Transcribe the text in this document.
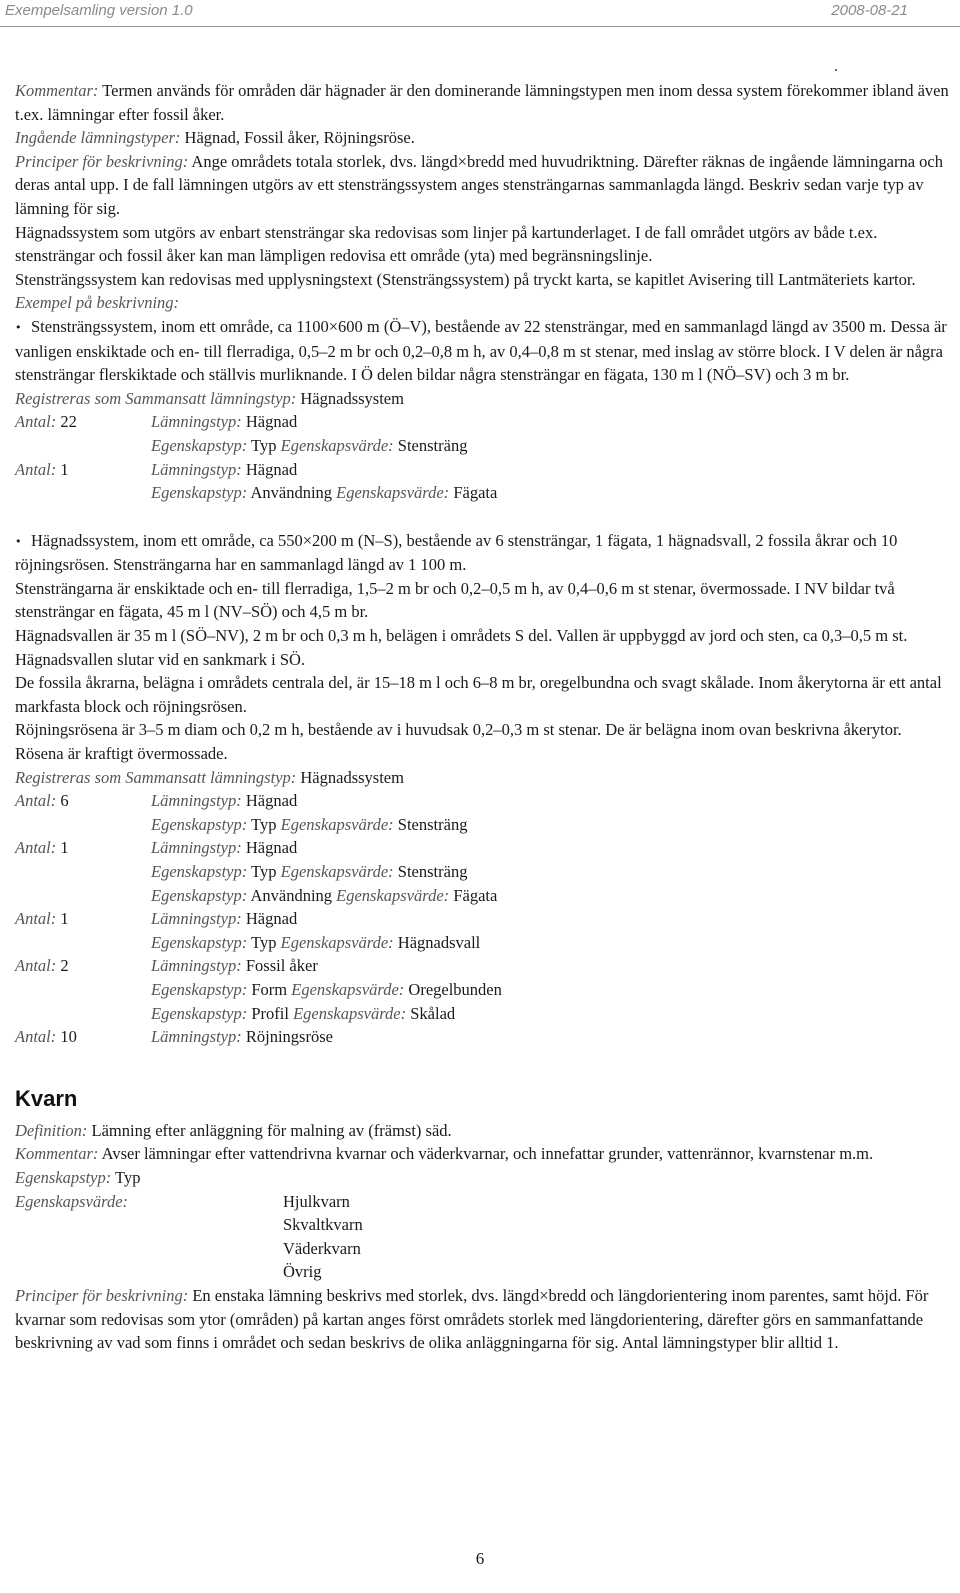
Exempelsamling version 1.0	2008-08-21
.
Kommentar: Termen används för områden där hägnader är den dominerande lämningstypen men inom dessa system förekommer ibland även t.ex. lämningar efter fossil åker.
Ingående lämningstyper: Hägnad, Fossil åker, Röjningsröse.
Principer för beskrivning: Ange områdets totala storlek, dvs. längd×bredd med huvudriktning. Därefter räknas de ingående lämningarna och deras antal upp. I de fall lämningen utgörs av ett stensträngssystem anges stensträngarnas sammanlagda längd. Beskriv sedan varje typ av lämning för sig.
Hägnadssystem som utgörs av enbart stensträngar ska redovisas som linjer på kartunderlaget. I de fall området utgörs av både t.ex. stensträngar och fossil åker kan man lämpligen redovisa ett område (yta) med begränsningslinje.
Stensträngssystem kan redovisas med upplysningstext (Stensträngssystem) på tryckt karta, se kapitlet Avisering till Lantmäteriets kartor.
Exempel på beskrivning:
• Stensträngssystem, inom ett område, ca 1100×600 m (Ö–V), bestående av 22 stensträngar, med en sammanlagd längd av 3500 m. Dessa är vanligen enskiktade och en- till flerradiga, 0,5–2 m br och 0,2–0,8 m h, av 0,4–0,8 m st stenar, med inslag av större block. I V delen är några stensträngar flerskiktade och ställvis murliknande. I Ö delen bildar några stensträngar en fägata, 130 m l (NÖ–SV) och 3 m br.
Registreras som Sammansatt lämningstyp: Hägnadssystem
Antal: 22	Lämningstyp: Hägnad
	Egenskapstyp: Typ Egenskapsvärde: Stensträng
Antal: 1	Lämningstyp: Hägnad
	Egenskapstyp: Användning Egenskapsvärde: Fägata
• Hägnadssystem, inom ett område, ca 550×200 m (N–S), bestående av 6 stensträngar, 1 fägata, 1 hägnadsvall, 2 fossila åkrar och 10 röjningsrösen. Stensträngarna har en sammanlagd längd av 1 100 m.
Stensträngarna är enskiktade och en- till flerradiga, 1,5–2 m br och 0,2–0,5 m h, av 0,4–0,6 m st stenar, övermossade. I NV bildar två stensträngar en fägata, 45 m l (NV–SÖ) och 4,5 m br.
Hägnadsvallen är 35 m l (SÖ–NV), 2 m br och 0,3 m h, belägen i områdets S del. Vallen är uppbyggd av jord och sten, ca 0,3–0,5 m st. Hägnadsvallen slutar vid en sankmark i SÖ.
De fossila åkrarna, belägna i områdets centrala del, är 15–18 m l och 6–8 m br, oregelbundna och svagt skålade. Inom åkerytorna är ett antal markfasta block och röjningsrösen.
Röjningsrösena är 3–5 m diam och 0,2 m h, bestående av i huvudsak 0,2–0,3 m st stenar. De är belägna inom ovan beskrivna åkerytor. Rösena är kraftigt övermossade.
Registreras som Sammansatt lämningstyp: Hägnadssystem
Antal: 6	Lämningstyp: Hägnad
	Egenskapstyp: Typ Egenskapsvärde: Stensträng
Antal: 1	Lämningstyp: Hägnad
	Egenskapstyp: Typ Egenskapsvärde: Stensträng
	Egenskapstyp: Användning Egenskapsvärde: Fägata
Antal: 1	Lämningstyp: Hägnad
	Egenskapstyp: Typ Egenskapsvärde: Hägnadsvall
Antal: 2	Lämningstyp: Fossil åker
	Egenskapstyp: Form Egenskapsvärde: Oregelbunden
	Egenskapstyp: Profil Egenskapsvärde: Skålad
Antal: 10	Lämningstyp: Röjningsröse
Kvarn
Definition: Lämning efter anläggning för malning av (främst) säd.
Kommentar: Avser lämningar efter vattendrivna kvarnar och väderkvarnar, och innefattar grunder, vattenrännor, kvarnstenar m.m.
Egenskapstyp: Typ
Egenskapsvärde:	Hjulkvarn
	Skvaltkvarn
	Väderkvarn
	Övrig
Principer för beskrivning: En enstaka lämning beskrivs med storlek, dvs. längd×bredd och längdorientering inom parentes, samt höjd. För kvarnar som redovisas som ytor (områden) på kartan anges först områdets storlek med längdorientering, därefter görs en sammanfattande beskrivning av vad som finns i området och sedan beskrivs de olika anläggningarna för sig. Antal lämningstyper blir alltid 1.
6
